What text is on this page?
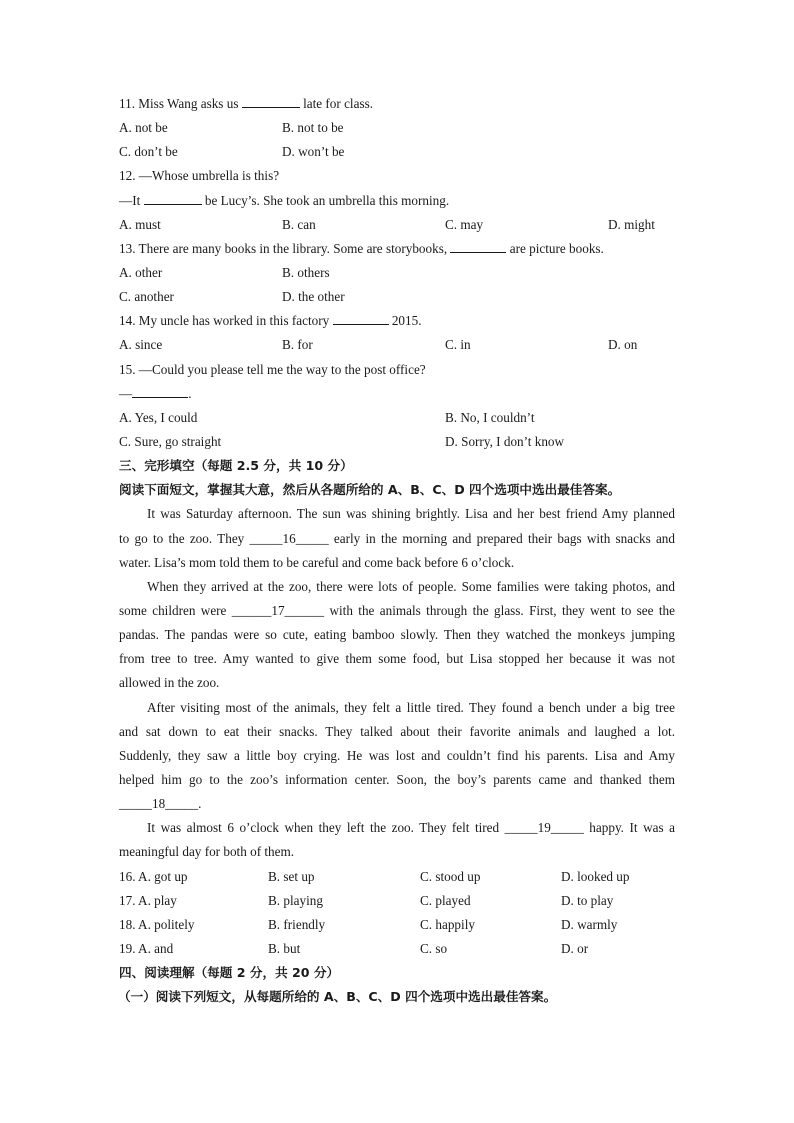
11. Miss Wang asks us	late for class.
A. not be	B. not to be
C. don’t be	D. won’t be
12. —Whose umbrella is this?
—It	be Lucy’s. She took an umbrella this morning.
A. must	B. can	C. may	D. might
13. There are many books in the library. Some are storybooks,	are picture books.
A. other	B. others
C. another	D. the other
14. My uncle has worked in this factory	2015.
A. since	B. for	C. in	D. on
15. —Could you please tell me the way to the post office?
—	.
A. Yes, I could	B. No, I couldn’t
C. Sure, go straight	D. Sorry, I don’t know
三、完形填空（每题 2.5 分，共 10 分）
阅读下面短文，掌握其大意，然后从各题所给的 A、B、C、D 四个选项中选出最佳答案。
It was Saturday afternoon. The sun was shining brightly. Lisa and her best friend Amy planned
to go to the zoo. They _____16_____ early in the morning and prepared their bags with snacks and
water. Lisa’s mom told them to be careful and come back before 6 o’clock.
When they arrived at the zoo, there were lots of people. Some families were taking photos, and
some children were ______17______ with the animals through the glass. First, they went to see the
pandas. The pandas were so cute, eating bamboo slowly. Then they watched the monkeys jumping
from tree to tree. Amy wanted to give them some food, but Lisa stopped her because it was not
allowed in the zoo.
After visiting most of the animals, they felt a little tired. They found a bench under a big tree
and sat down to eat their snacks. They talked about their favorite animals and laughed a lot.
Suddenly, they saw a little boy crying. He was lost and couldn’t find his parents. Lisa and Amy
helped him go to the zoo’s information center. Soon, the boy’s parents came and thanked them
_____18_____.
It was almost 6 o’clock when they left the zoo. They felt tired _____19_____ happy. It was a
meaningful day for both of them.
16. A. got up	B. set up	C. stood up	D. looked up
17. A. play	B. playing	C. played	D. to play
18. A. politely	B. friendly	C. happily	D. warmly
19. A. and	B. but	C. so	D. or
四、阅读理解（每题 2 分，共 20 分）
（一）阅读下列短文，从每题所给的 A、B、C、D 四个选项中选出最佳答案。
